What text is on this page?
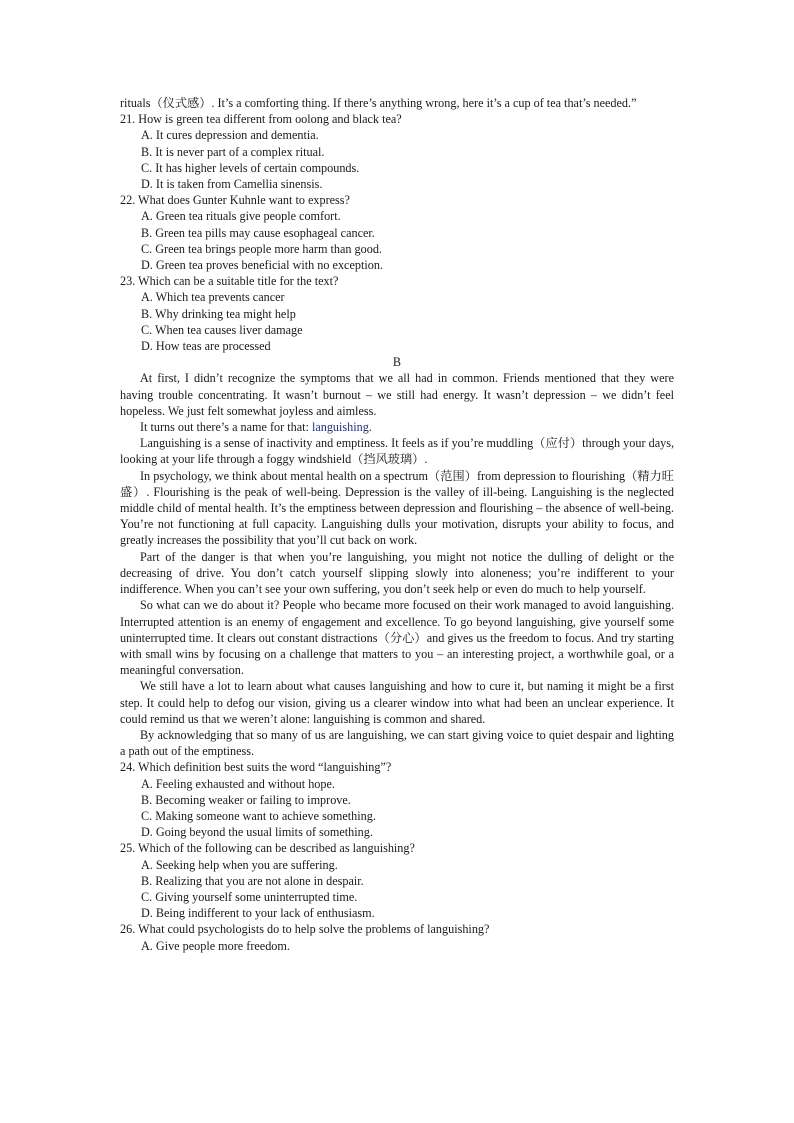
rituals（仪式感）. It’s a comforting thing. If there’s anything wrong, here it’s a cup of tea that’s needed.”

21. How is green tea different from oolong and black tea?

A. It cures depression and dementia.

B. It is never part of a complex ritual.

C. It has higher levels of certain compounds.

D. It is taken from Camellia sinensis.

22. What does Gunter Kuhnle want to express?

A. Green tea rituals give people comfort.

B. Green tea pills may cause esophageal cancer.

C. Green tea brings people more harm than good.

D. Green tea proves beneficial with no exception.

23. Which can be a suitable title for the text?

A. Which tea prevents cancer

B. Why drinking tea might help

C. When tea causes liver damage

D. How teas are processed

B

At first, I didn’t recognize the symptoms that we all had in common. Friends mentioned that they were having trouble concentrating. It wasn’t burnout – we still had energy. It wasn’t depression – we didn’t feel hopeless. We just felt somewhat joyless and aimless.

It turns out there’s a name for that: languishing.

Languishing is a sense of inactivity and emptiness. It feels as if you’re muddling（应付）through your days, looking at your life through a foggy windshield（挡风玻璃）.

In psychology, we think about mental health on a spectrum（范围）from depression to flourishing（精力旺盛）. Flourishing is the peak of well-being. Depression is the valley of ill-being. Languishing is the neglected middle child of mental health. It’s the emptiness between depression and flourishing – the absence of well-being. You’re not functioning at full capacity. Languishing dulls your motivation, disrupts your ability to focus, and greatly increases the possibility that you’ll cut back on work.

Part of the danger is that when you’re languishing, you might not notice the dulling of delight or the decreasing of drive. You don’t catch yourself slipping slowly into aloneness; you’re indifferent to your indifference. When you can’t see your own suffering, you don’t seek help or even do much to help yourself.

So what can we do about it? People who became more focused on their work managed to avoid languishing. Interrupted attention is an enemy of engagement and excellence. To go beyond languishing, give yourself some uninterrupted time. It clears out constant distractions（分心）and gives us the freedom to focus. And try starting with small wins by focusing on a challenge that matters to you – an interesting project, a worthwhile goal, or a meaningful conversation.

We still have a lot to learn about what causes languishing and how to cure it, but naming it might be a first step. It could help to defog our vision, giving us a clearer window into what had been an unclear experience. It could remind us that we weren’t alone: languishing is common and shared.

By acknowledging that so many of us are languishing, we can start giving voice to quiet despair and lighting a path out of the emptiness.

24. Which definition best suits the word “languishing”?

A. Feeling exhausted and without hope.

B. Becoming weaker or failing to improve.

C. Making someone want to achieve something.

D. Going beyond the usual limits of something.

25. Which of the following can be described as languishing?

A. Seeking help when you are suffering.

B. Realizing that you are not alone in despair.

C. Giving yourself some uninterrupted time.

D. Being indifferent to your lack of enthusiasm.

26. What could psychologists do to help solve the problems of languishing?

A. Give people more freedom.
